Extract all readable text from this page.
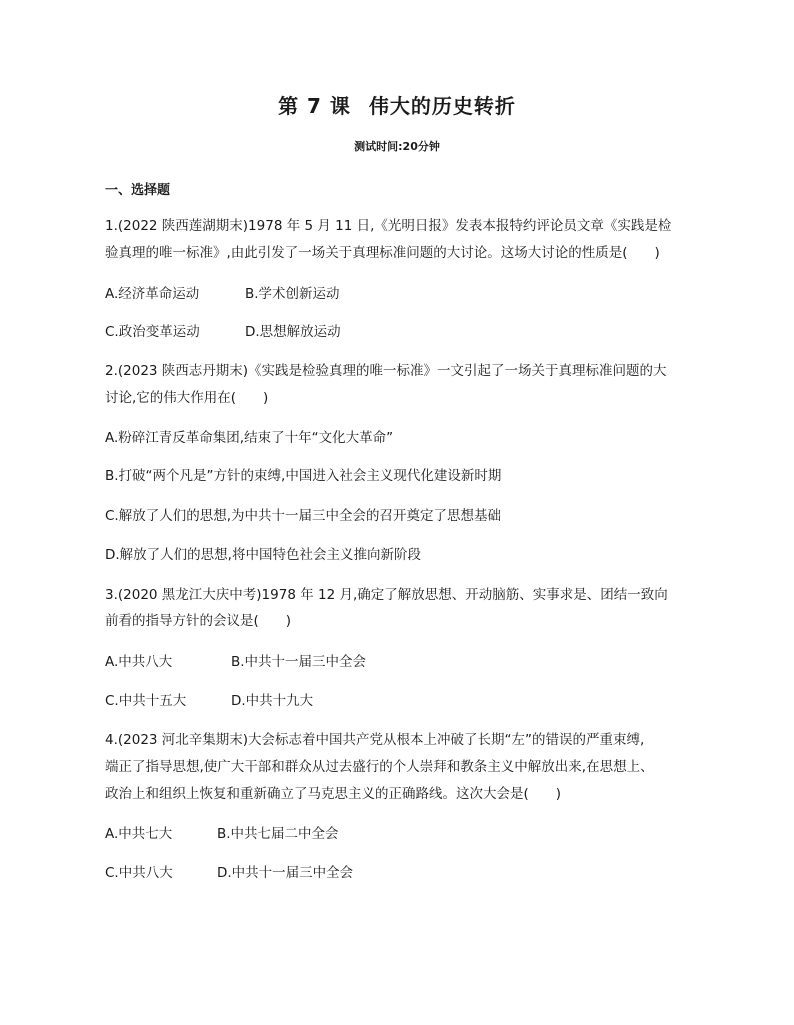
第 7 课 伟大的历史转折
测试时间:20分钟
一、选择题
1.(2022 陕西莲湖期末)1978 年 5 月 11 日,《光明日报》发表本报特约评论员文章《实践是检
验真理的唯一标准》,由此引发了一场关于真理标准问题的大讨论。这场大讨论的性质是(　　)
A.经济革命运动	B.学术创新运动
C.政治变革运动	D.思想解放运动
2.(2023 陕西志丹期末)《实践是检验真理的唯一标准》一文引起了一场关于真理标准问题的大
讨论,它的伟大作用在(　　)
A.粉碎江青反革命集团,结束了十年“文化大革命”
B.打破“两个凡是”方针的束缚,中国进入社会主义现代化建设新时期
C.解放了人们的思想,为中共十一届三中全会的召开奠定了思想基础
D.解放了人们的思想,将中国特色社会主义推向新阶段
3.(2020 黑龙江大庆中考)1978 年 12 月,确定了解放思想、开动脑筋、实事求是、团结一致向
前看的指导方针的会议是(　　)
A.中共八大	B.中共十一届三中全会
C.中共十五大	D.中共十九大
4.(2023 河北辛集期末)大会标志着中国共产党从根本上冲破了长期“左”的错误的严重束缚,
端正了指导思想,使广大干部和群众从过去盛行的个人崇拜和教条主义中解放出来,在思想上、
政治上和组织上恢复和重新确立了马克思主义的正确路线。这次大会是(　　)
A.中共七大	B.中共七届二中全会
C.中共八大	D.中共十一届三中全会
